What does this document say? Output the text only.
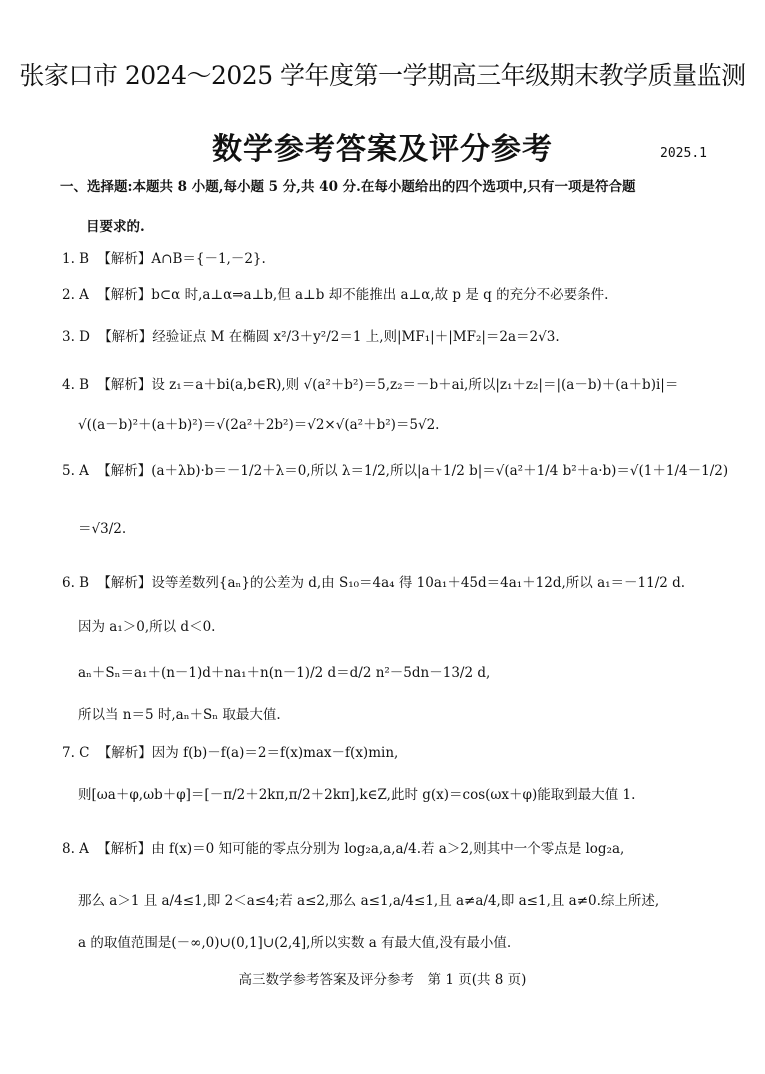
张家口市 2024～2025 学年度第一学期高三年级期末教学质量监测
数学参考答案及评分参考	2025.1
一、选择题:本题共 8 小题,每小题 5 分,共 40 分.在每小题给出的四个选项中,只有一项是符合题
目要求的.
1. B 【解析】A∩B＝{－1,－2}.
2. A 【解析】b⊂α 时,a⊥α⇒a⊥b,但 a⊥b 却不能推出 a⊥α,故 p 是 q 的充分不必要条件.
3. D 【解析】经验证点 M 在椭圆 x²/3＋y²/2＝1 上,则|MF₁|＋|MF₂|＝2a＝2√3.
4. B 【解析】设 z₁＝a＋bi(a,b∈R),则 √(a²＋b²)＝5,z₂＝－b＋ai,所以|z₁＋z₂|＝|(a－b)＋(a＋b)i|＝
√((a－b)²＋(a＋b)²)＝√(2a²＋2b²)＝√2×√(a²＋b²)＝5√2.
5. A 【解析】(a＋λb)·b＝－1/2＋λ＝0,所以 λ＝1/2,所以|a＋1/2 b|＝√(a²＋1/4 b²＋a·b)＝√(1＋1/4－1/2)
＝√3/2.
6. B 【解析】设等差数列{aₙ}的公差为 d,由 S₁₀＝4a₄ 得 10a₁＋45d＝4a₁＋12d,所以 a₁＝－11/2 d.
因为 a₁＞0,所以 d＜0.
aₙ＋Sₙ＝a₁＋(n－1)d＋na₁＋n(n－1)/2 d＝d/2 n²－5dn－13/2 d,
所以当 n＝5 时,aₙ＋Sₙ 取最大值.
7. C 【解析】因为 f(b)－f(a)＝2＝f(x)max－f(x)min,
则[ωa＋φ,ωb＋φ]＝[－π/2＋2kπ,π/2＋2kπ],k∈Z,此时 g(x)＝cos(ωx＋φ)能取到最大值 1.
8. A 【解析】由 f(x)＝0 知可能的零点分别为 log₂a,a,a/4.若 a＞2,则其中一个零点是 log₂a,
那么 a＞1 且 a/4≤1,即 2＜a≤4;若 a≤2,那么 a≤1,a/4≤1,且 a≠a/4,即 a≤1,且 a≠0.综上所述,
a 的取值范围是(－∞,0)∪(0,1]∪(2,4],所以实数 a 有最大值,没有最小值.
高三数学参考答案及评分参考　第 1 页(共 8 页)
